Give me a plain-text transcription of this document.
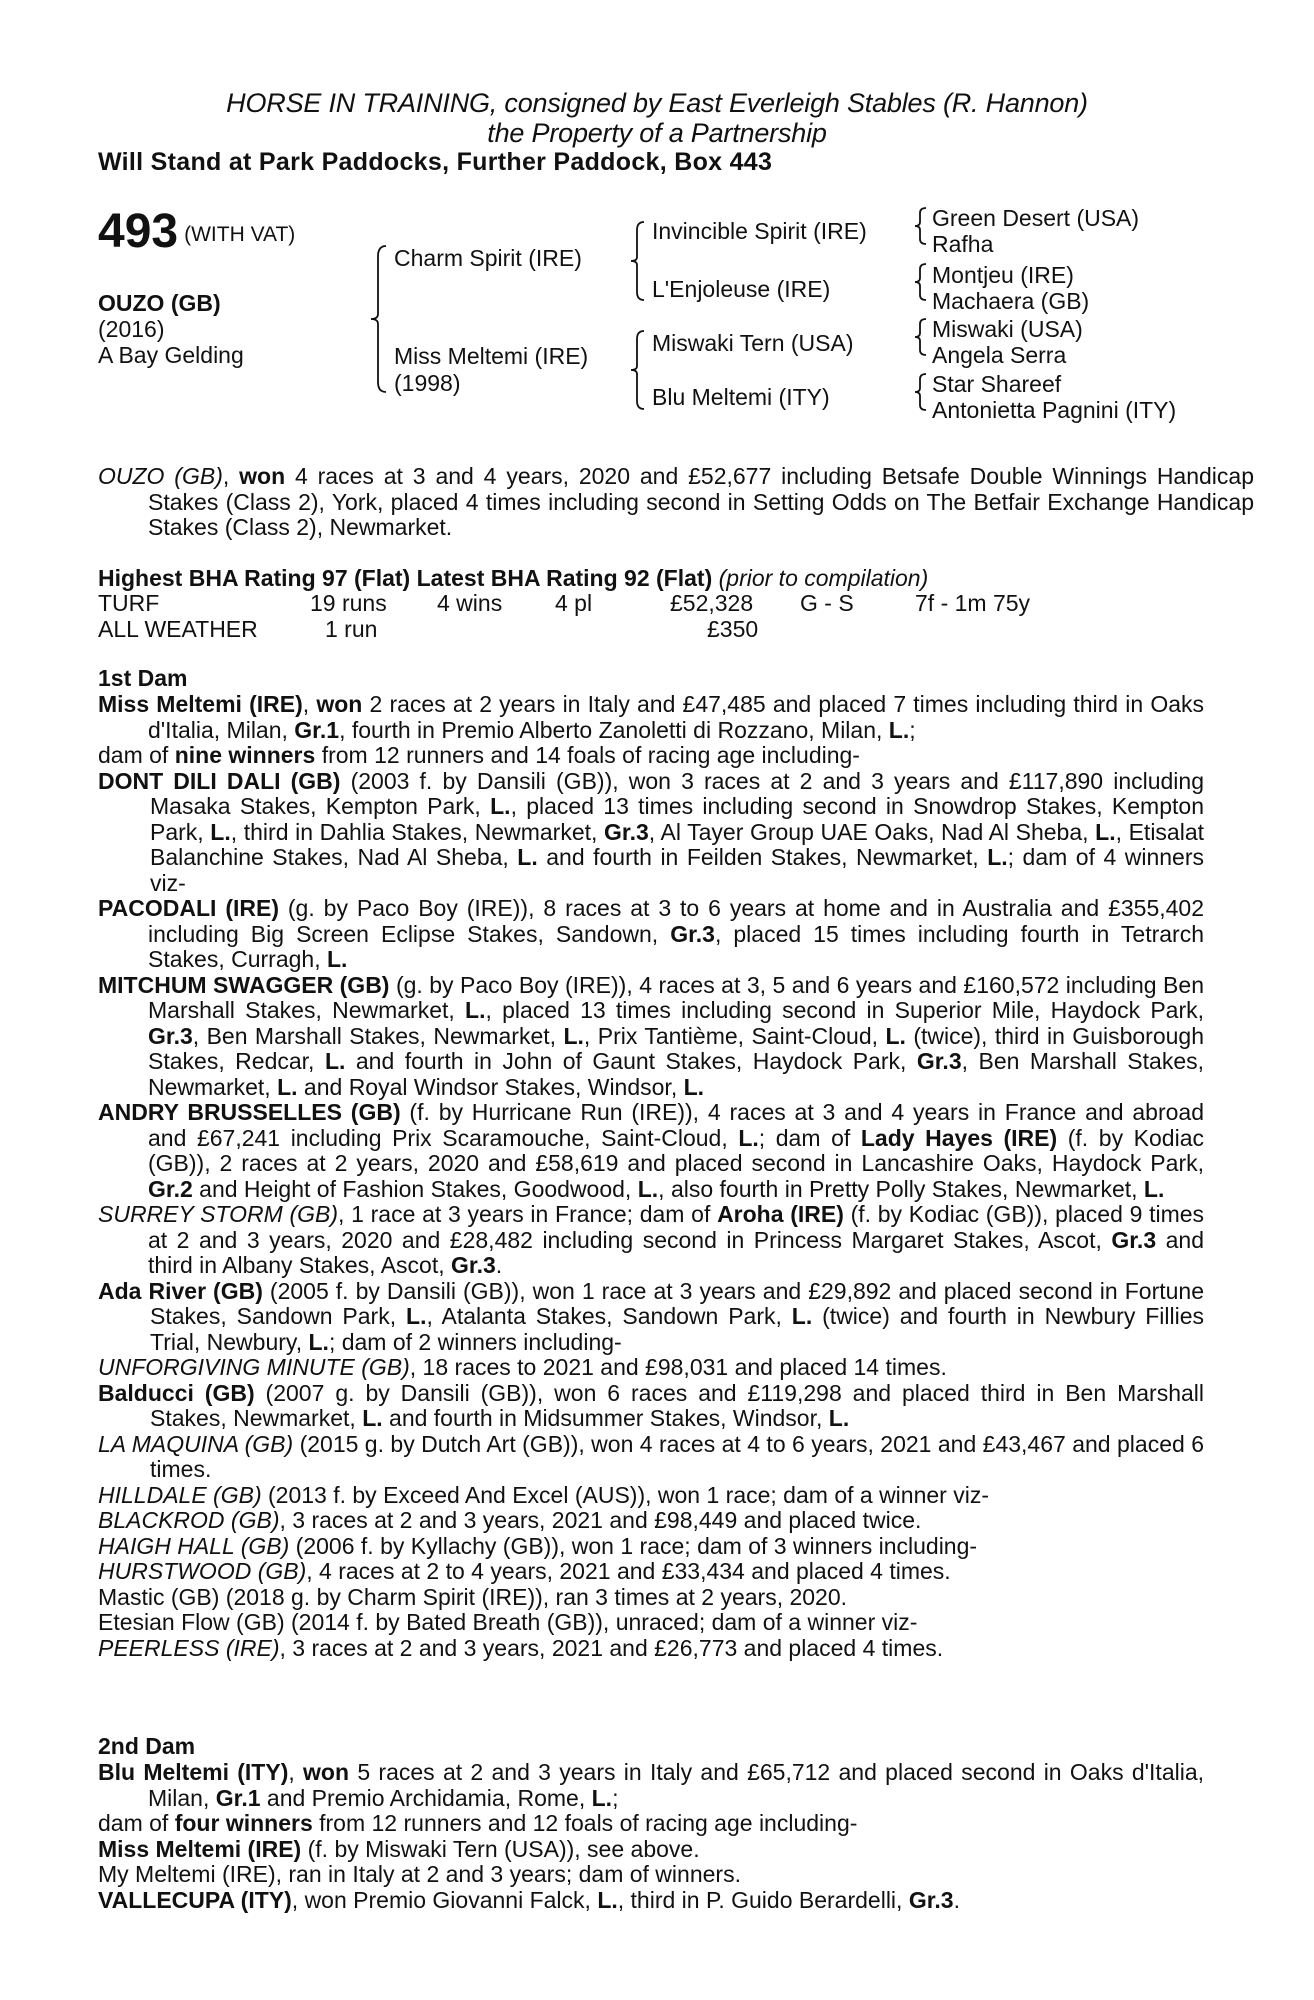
HORSE IN TRAINING, consigned by East Everleigh Stables (R. Hannon)
the Property of a Partnership
Will Stand at Park Paddocks, Further Paddock, Box 443
493 (WITH VAT)
OUZO (GB)
(2016)
A Bay Gelding
Charm Spirit (IRE)
Miss Meltemi (IRE)
(1998)
Invincible Spirit (IRE)
L'Enjoleuse (IRE)
Miswaki Tern (USA)
Blu Meltemi (ITY)
Green Desert (USA)
Rafha
Montjeu (IRE)
Machaera (GB)
Miswaki (USA)
Angela Serra
Star Shareef
Antonietta Pagnini (ITY)
OUZO (GB), won 4 races at 3 and 4 years, 2020 and £52,677 including Betsafe Double Winnings Handicap Stakes (Class 2), York, placed 4 times including second in Setting Odds on The Betfair Exchange Handicap Stakes (Class 2), Newmarket.
Highest BHA Rating 97 (Flat) Latest BHA Rating 92 (Flat) (prior to compilation)
TURF	19 runs 4 wins 4 pl	£52,328 G - S	7f - 1m 75y
ALL WEATHER	1 run	£350

1st Dam

Miss Meltemi (IRE), won 2 races at 2 years in Italy and £47,485 and placed 7 times including third in Oaks d'Italia, Milan, Gr.1, fourth in Premio Alberto Zanoletti di Rozzano, Milan, L.;

dam of nine winners from 12 runners and 14 foals of racing age including-

DONT DILI DALI (GB) (2003 f. by Dansili (GB)), won 3 races at 2 and 3 years and £117,890 including Masaka Stakes, Kempton Park, L., placed 13 times including second in Snowdrop Stakes, Kempton Park, L., third in Dahlia Stakes, Newmarket, Gr.3, Al Tayer Group UAE Oaks, Nad Al Sheba, L., Etisalat Balanchine Stakes, Nad Al Sheba, L. and fourth in Feilden Stakes, Newmarket, L.; dam of 4 winners viz-

PACODALI (IRE) (g. by Paco Boy (IRE)), 8 races at 3 to 6 years at home and in Australia and £355,402 including Big Screen Eclipse Stakes, Sandown, Gr.3, placed 15 times including fourth in Tetrarch Stakes, Curragh, L.

MITCHUM SWAGGER (GB) (g. by Paco Boy (IRE)), 4 races at 3, 5 and 6 years and £160,572 including Ben Marshall Stakes, Newmarket, L., placed 13 times including second in Superior Mile, Haydock Park, Gr.3, Ben Marshall Stakes, Newmarket, L., Prix Tantième, Saint-Cloud, L. (twice), third in Guisborough Stakes, Redcar, L. and fourth in John of Gaunt Stakes, Haydock Park, Gr.3, Ben Marshall Stakes, Newmarket, L. and Royal Windsor Stakes, Windsor, L.

ANDRY BRUSSELLES (GB) (f. by Hurricane Run (IRE)), 4 races at 3 and 4 years in France and abroad and £67,241 including Prix Scaramouche, Saint-Cloud, L.; dam of Lady Hayes (IRE) (f. by Kodiac (GB)), 2 races at 2 years, 2020 and £58,619 and placed second in Lancashire Oaks, Haydock Park, Gr.2 and Height of Fashion Stakes, Goodwood, L., also fourth in Pretty Polly Stakes, Newmarket, L.

SURREY STORM (GB), 1 race at 3 years in France; dam of Aroha (IRE) (f. by Kodiac (GB)), placed 9 times at 2 and 3 years, 2020 and £28,482 including second in Princess Margaret Stakes, Ascot, Gr.3 and third in Albany Stakes, Ascot, Gr.3.

Ada River (GB) (2005 f. by Dansili (GB)), won 1 race at 3 years and £29,892 and placed second in Fortune Stakes, Sandown Park, L., Atalanta Stakes, Sandown Park, L. (twice) and fourth in Newbury Fillies Trial, Newbury, L.; dam of 2 winners including-

UNFORGIVING MINUTE (GB), 18 races to 2021 and £98,031 and placed 14 times.

Balducci (GB) (2007 g. by Dansili (GB)), won 6 races and £119,298 and placed third in Ben Marshall Stakes, Newmarket, L. and fourth in Midsummer Stakes, Windsor, L.

LA MAQUINA (GB) (2015 g. by Dutch Art (GB)), won 4 races at 4 to 6 years, 2021 and £43,467 and placed 6 times.

HILLDALE (GB) (2013 f. by Exceed And Excel (AUS)), won 1 race; dam of a winner viz-

BLACKROD (GB), 3 races at 2 and 3 years, 2021 and £98,449 and placed twice.

HAIGH HALL (GB) (2006 f. by Kyllachy (GB)), won 1 race; dam of 3 winners including-

HURSTWOOD (GB), 4 races at 2 to 4 years, 2021 and £33,434 and placed 4 times.

Mastic (GB) (2018 g. by Charm Spirit (IRE)), ran 3 times at 2 years, 2020.

Etesian Flow (GB) (2014 f. by Bated Breath (GB)), unraced; dam of a winner viz-

PEERLESS (IRE), 3 races at 2 and 3 years, 2021 and £26,773 and placed 4 times.

2nd Dam

Blu Meltemi (ITY), won 5 races at 2 and 3 years in Italy and £65,712 and placed second in Oaks d'Italia, Milan, Gr.1 and Premio Archidamia, Rome, L.;

dam of four winners from 12 runners and 12 foals of racing age including-

Miss Meltemi (IRE) (f. by Miswaki Tern (USA)), see above.

My Meltemi (IRE), ran in Italy at 2 and 3 years; dam of winners.

VALLECUPA (ITY), won Premio Giovanni Falck, L., third in P. Guido Berardelli, Gr.3.
